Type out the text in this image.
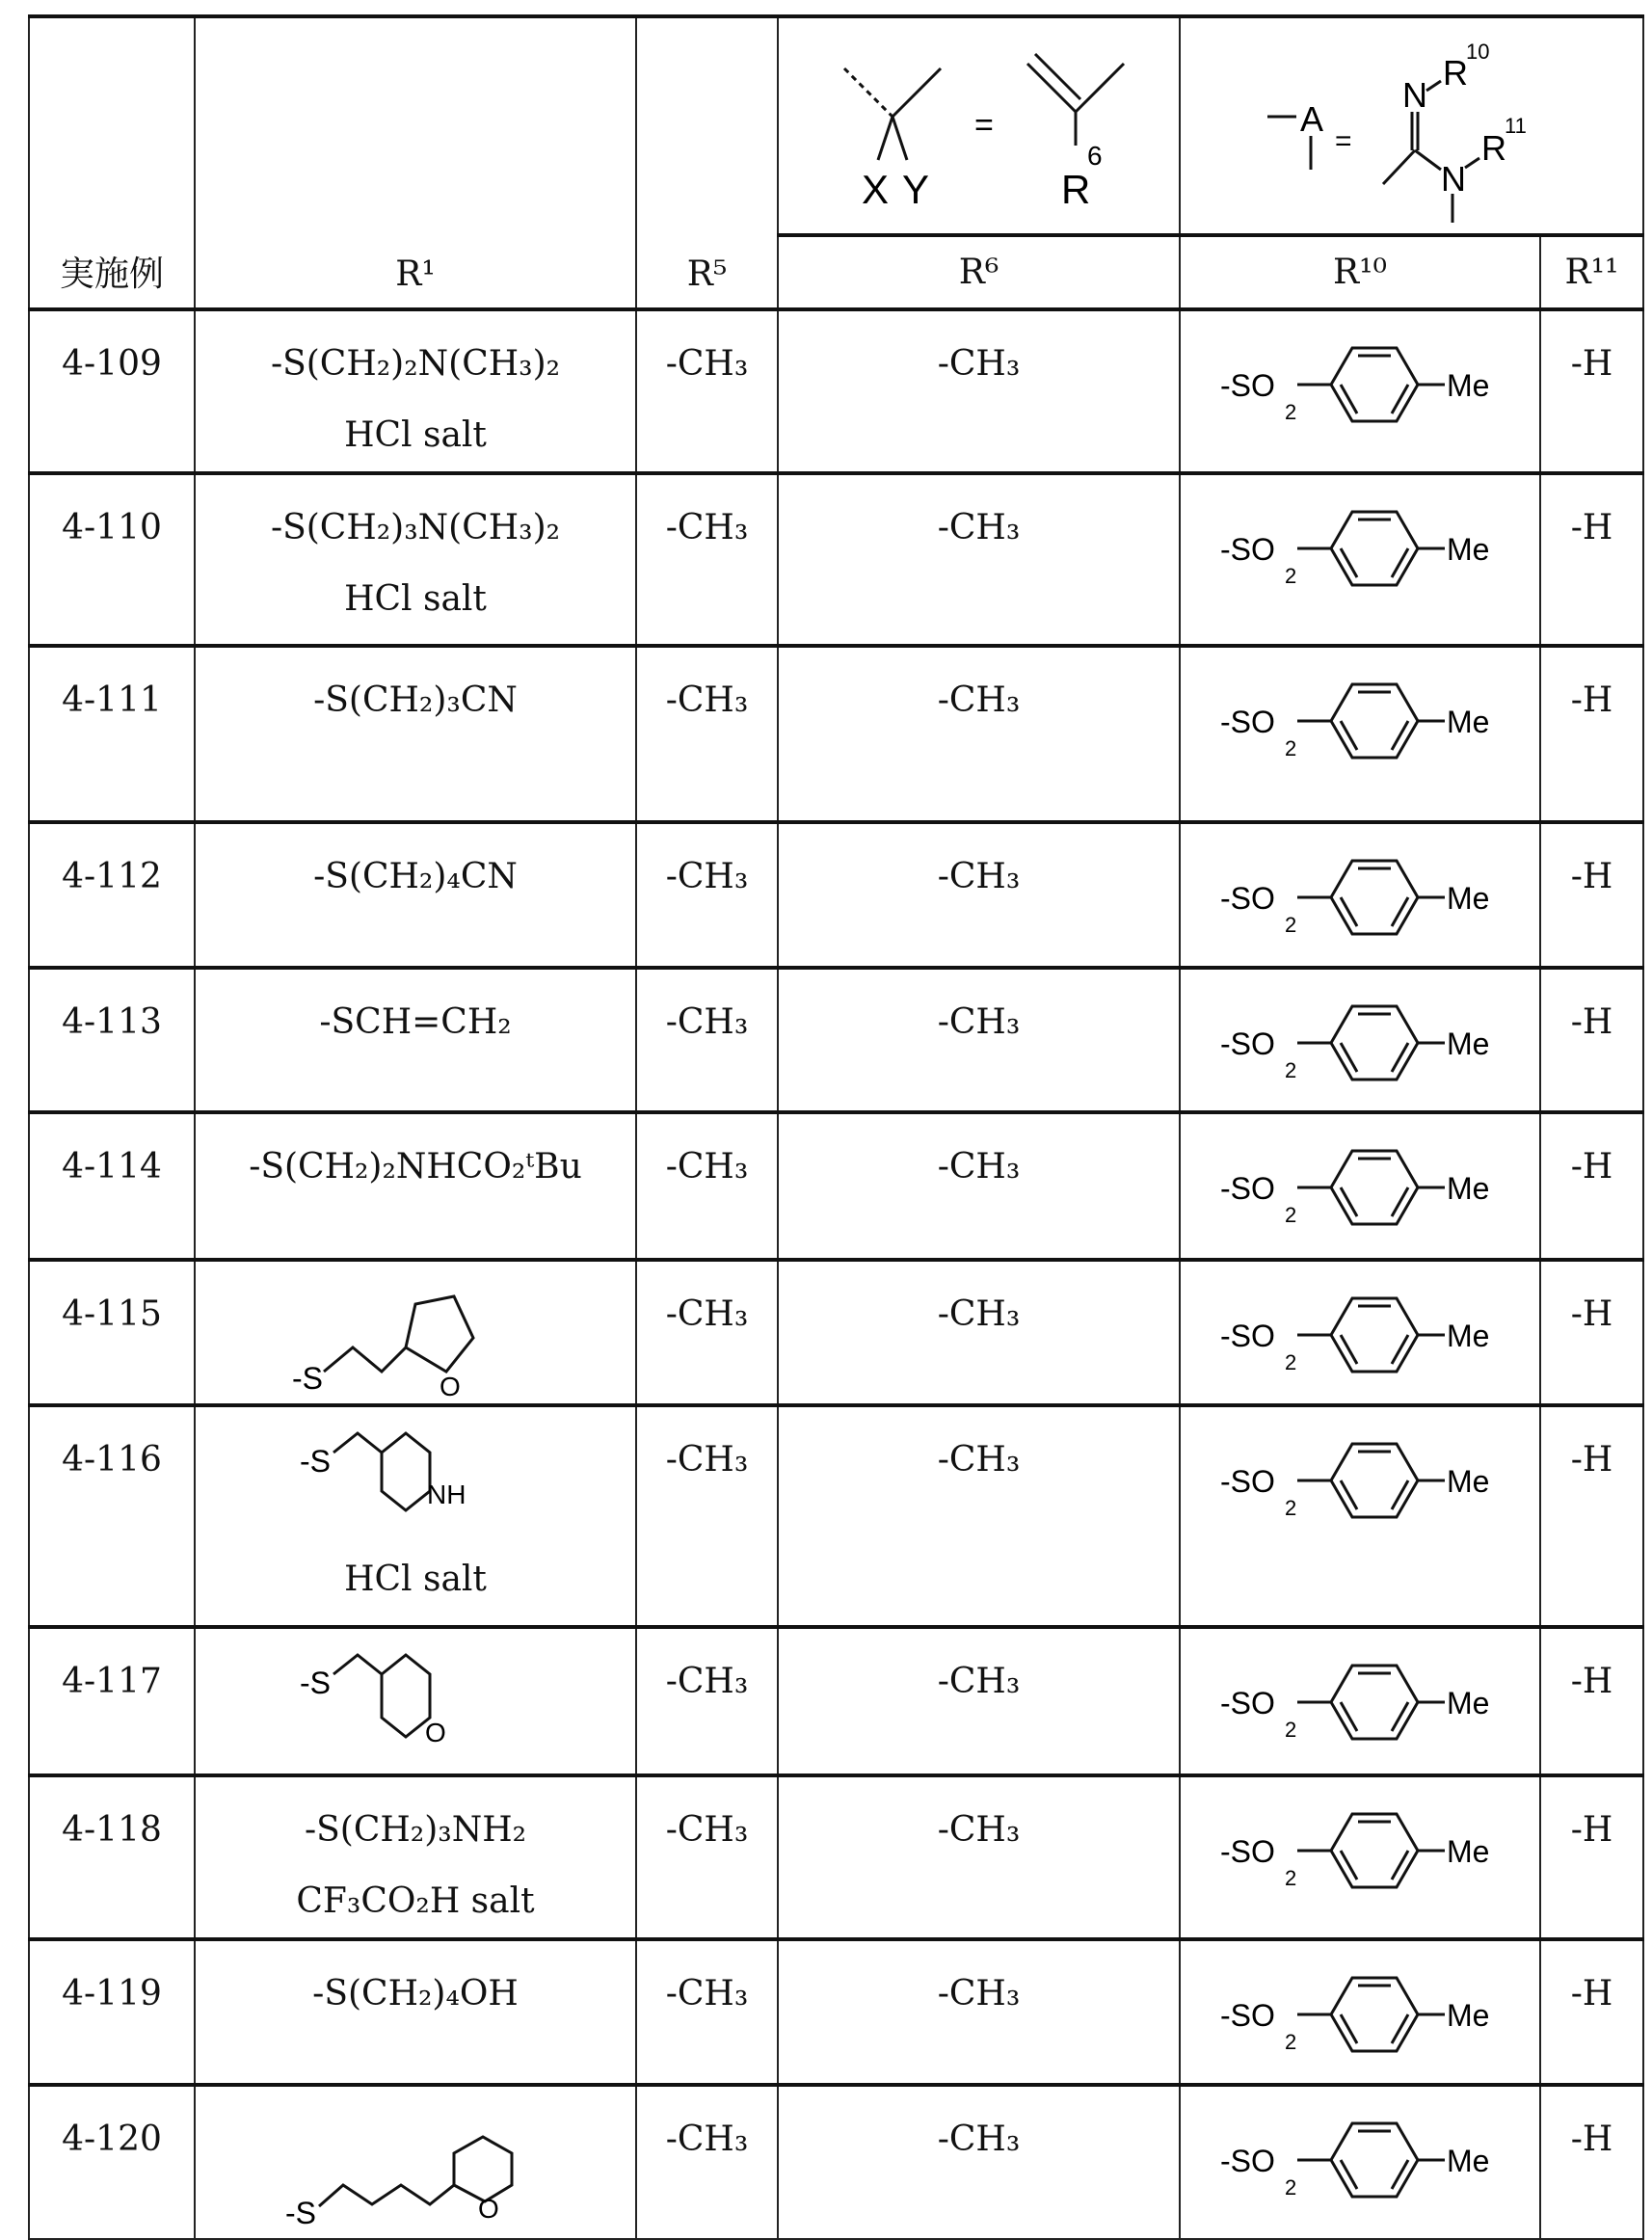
実施例	R¹	R⁵	
X Y
=
R
6

A
=
N
N
R
10
R
11

R⁶	R¹⁰	R¹¹

4-109	-S(CH₂)₂N(CH₃)₂
HCl salt

-CH₃	-CH₃

-SO
2
Me

-H

4-110	-S(CH₂)₃N(CH₃)₂
HCl salt

-CH₃	-CH₃

-SO
2
Me

-H

4-111	-S(CH₂)₃CN	-CH₃	-CH₃

-SO
2
Me

-H

4-112	-S(CH₂)₄CN	-CH₃	-CH₃

-SO
2
Me

-H

4-113	-SCH=CH₂	-CH₃	-CH₃

-SO
2
Me

-H

4-114	-S(CH₂)₂NHCO₂ᵗBu	-CH₃	-CH₃

-SO
2
Me

-H

4-115

-S	O

-CH₃	-CH₃

-SO
2
Me

-H

4-116	-S
NH
HCl salt

-CH₃	-CH₃

-SO
2
Me

-H

4-117	-S
O

-CH₃	-CH₃

-SO
2
Me

-H

4-118	-S(CH₂)₃NH₂
CF₃CO₂H salt

-CH₃	-CH₃

-SO
2
Me

-H

4-119	-S(CH₂)₄OH	-CH₃	-CH₃

-SO
2
Me

-H

4-120

-S	O

-CH₃	-CH₃

-SO
2
Me

-H
